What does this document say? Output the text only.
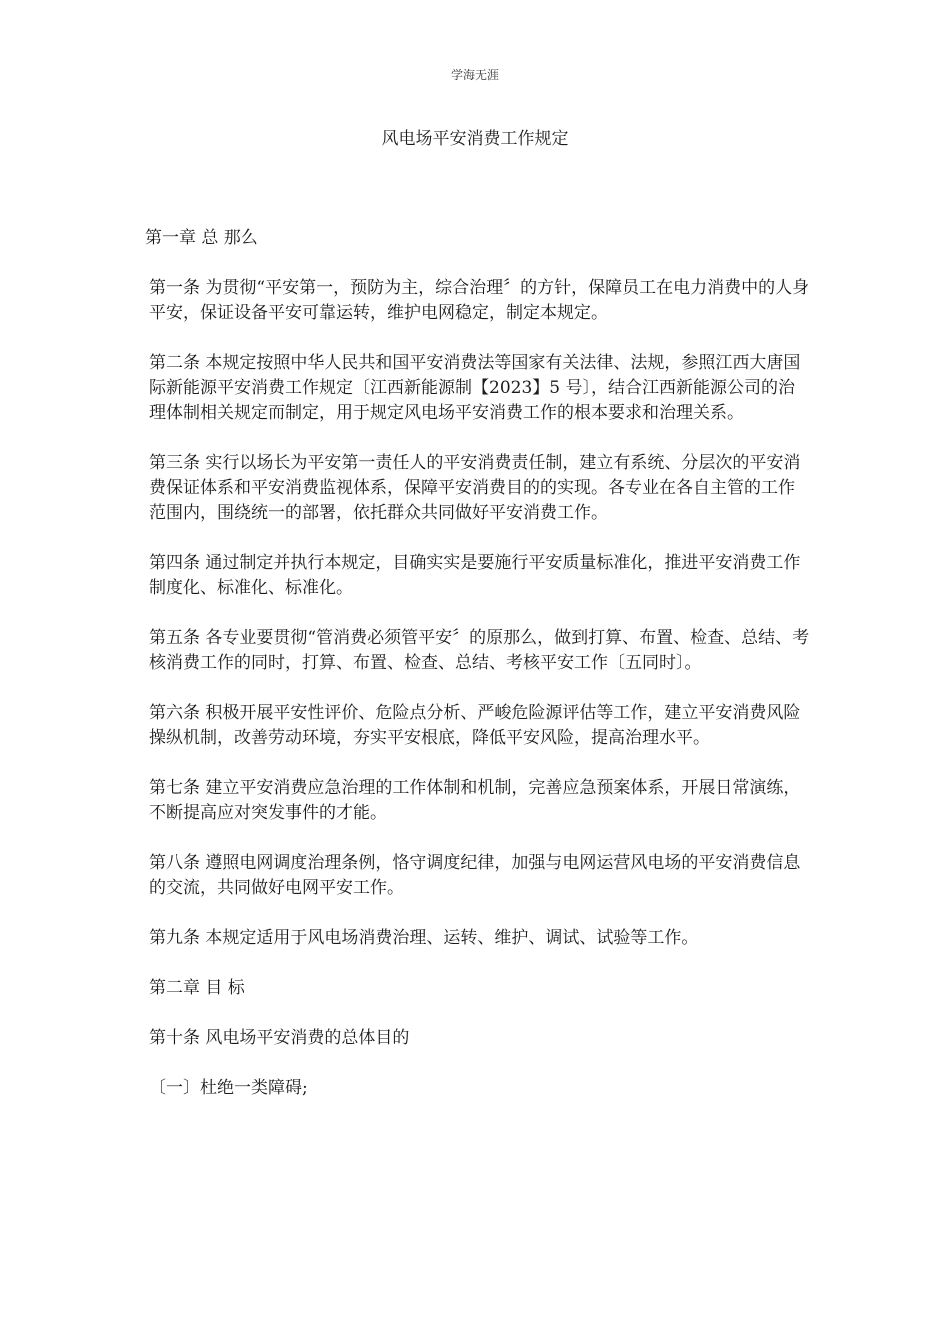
学海无涯
风电场平安消费工作规定

第一章 总 那么

第一条 为贯彻“平安第一，预防为主，综合治理〞的方针，保障员工在电力消费中的人身平安，保证设备平安可靠运转，维护电网稳定，制定本规定。

第二条 本规定按照中华人民共和国平安消费法等国家有关法律、法规，参照江西大唐国际新能源平安消费工作规定〔江西新能源制【2023】5 号〕，结合江西新能源公司的治理体制相关规定而制定，用于规定风电场平安消费工作的根本要求和治理关系。

第三条 实行以场长为平安第一责任人的平安消费责任制，建立有系统、分层次的平安消费保证体系和平安消费监视体系，保障平安消费目的的实现。各专业在各自主管的工作范围内，围绕统一的部署，依托群众共同做好平安消费工作。

第四条 通过制定并执行本规定，目确实实是要施行平安质量标准化，推进平安消费工作制度化、标准化、标准化。

第五条 各专业要贯彻“管消费必须管平安〞的原那么，做到打算、布置、检查、总结、考核消费工作的同时，打算、布置、检查、总结、考核平安工作〔五同时〕。

第六条 积极开展平安性评价、危险点分析、严峻危险源评估等工作，建立平安消费风险操纵机制，改善劳动环境，夯实平安根底，降低平安风险，提高治理水平。

第七条 建立平安消费应急治理的工作体制和机制，完善应急预案体系，开展日常演练，不断提高应对突发事件的才能。

第八条 遵照电网调度治理条例，恪守调度纪律，加强与电网运营风电场的平安消费信息的交流，共同做好电网平安工作。

第九条 本规定适用于风电场消费治理、运转、维护、调试、试验等工作。

第二章 目 标

第十条 风电场平安消费的总体目的

〔一〕杜绝一类障碍;
